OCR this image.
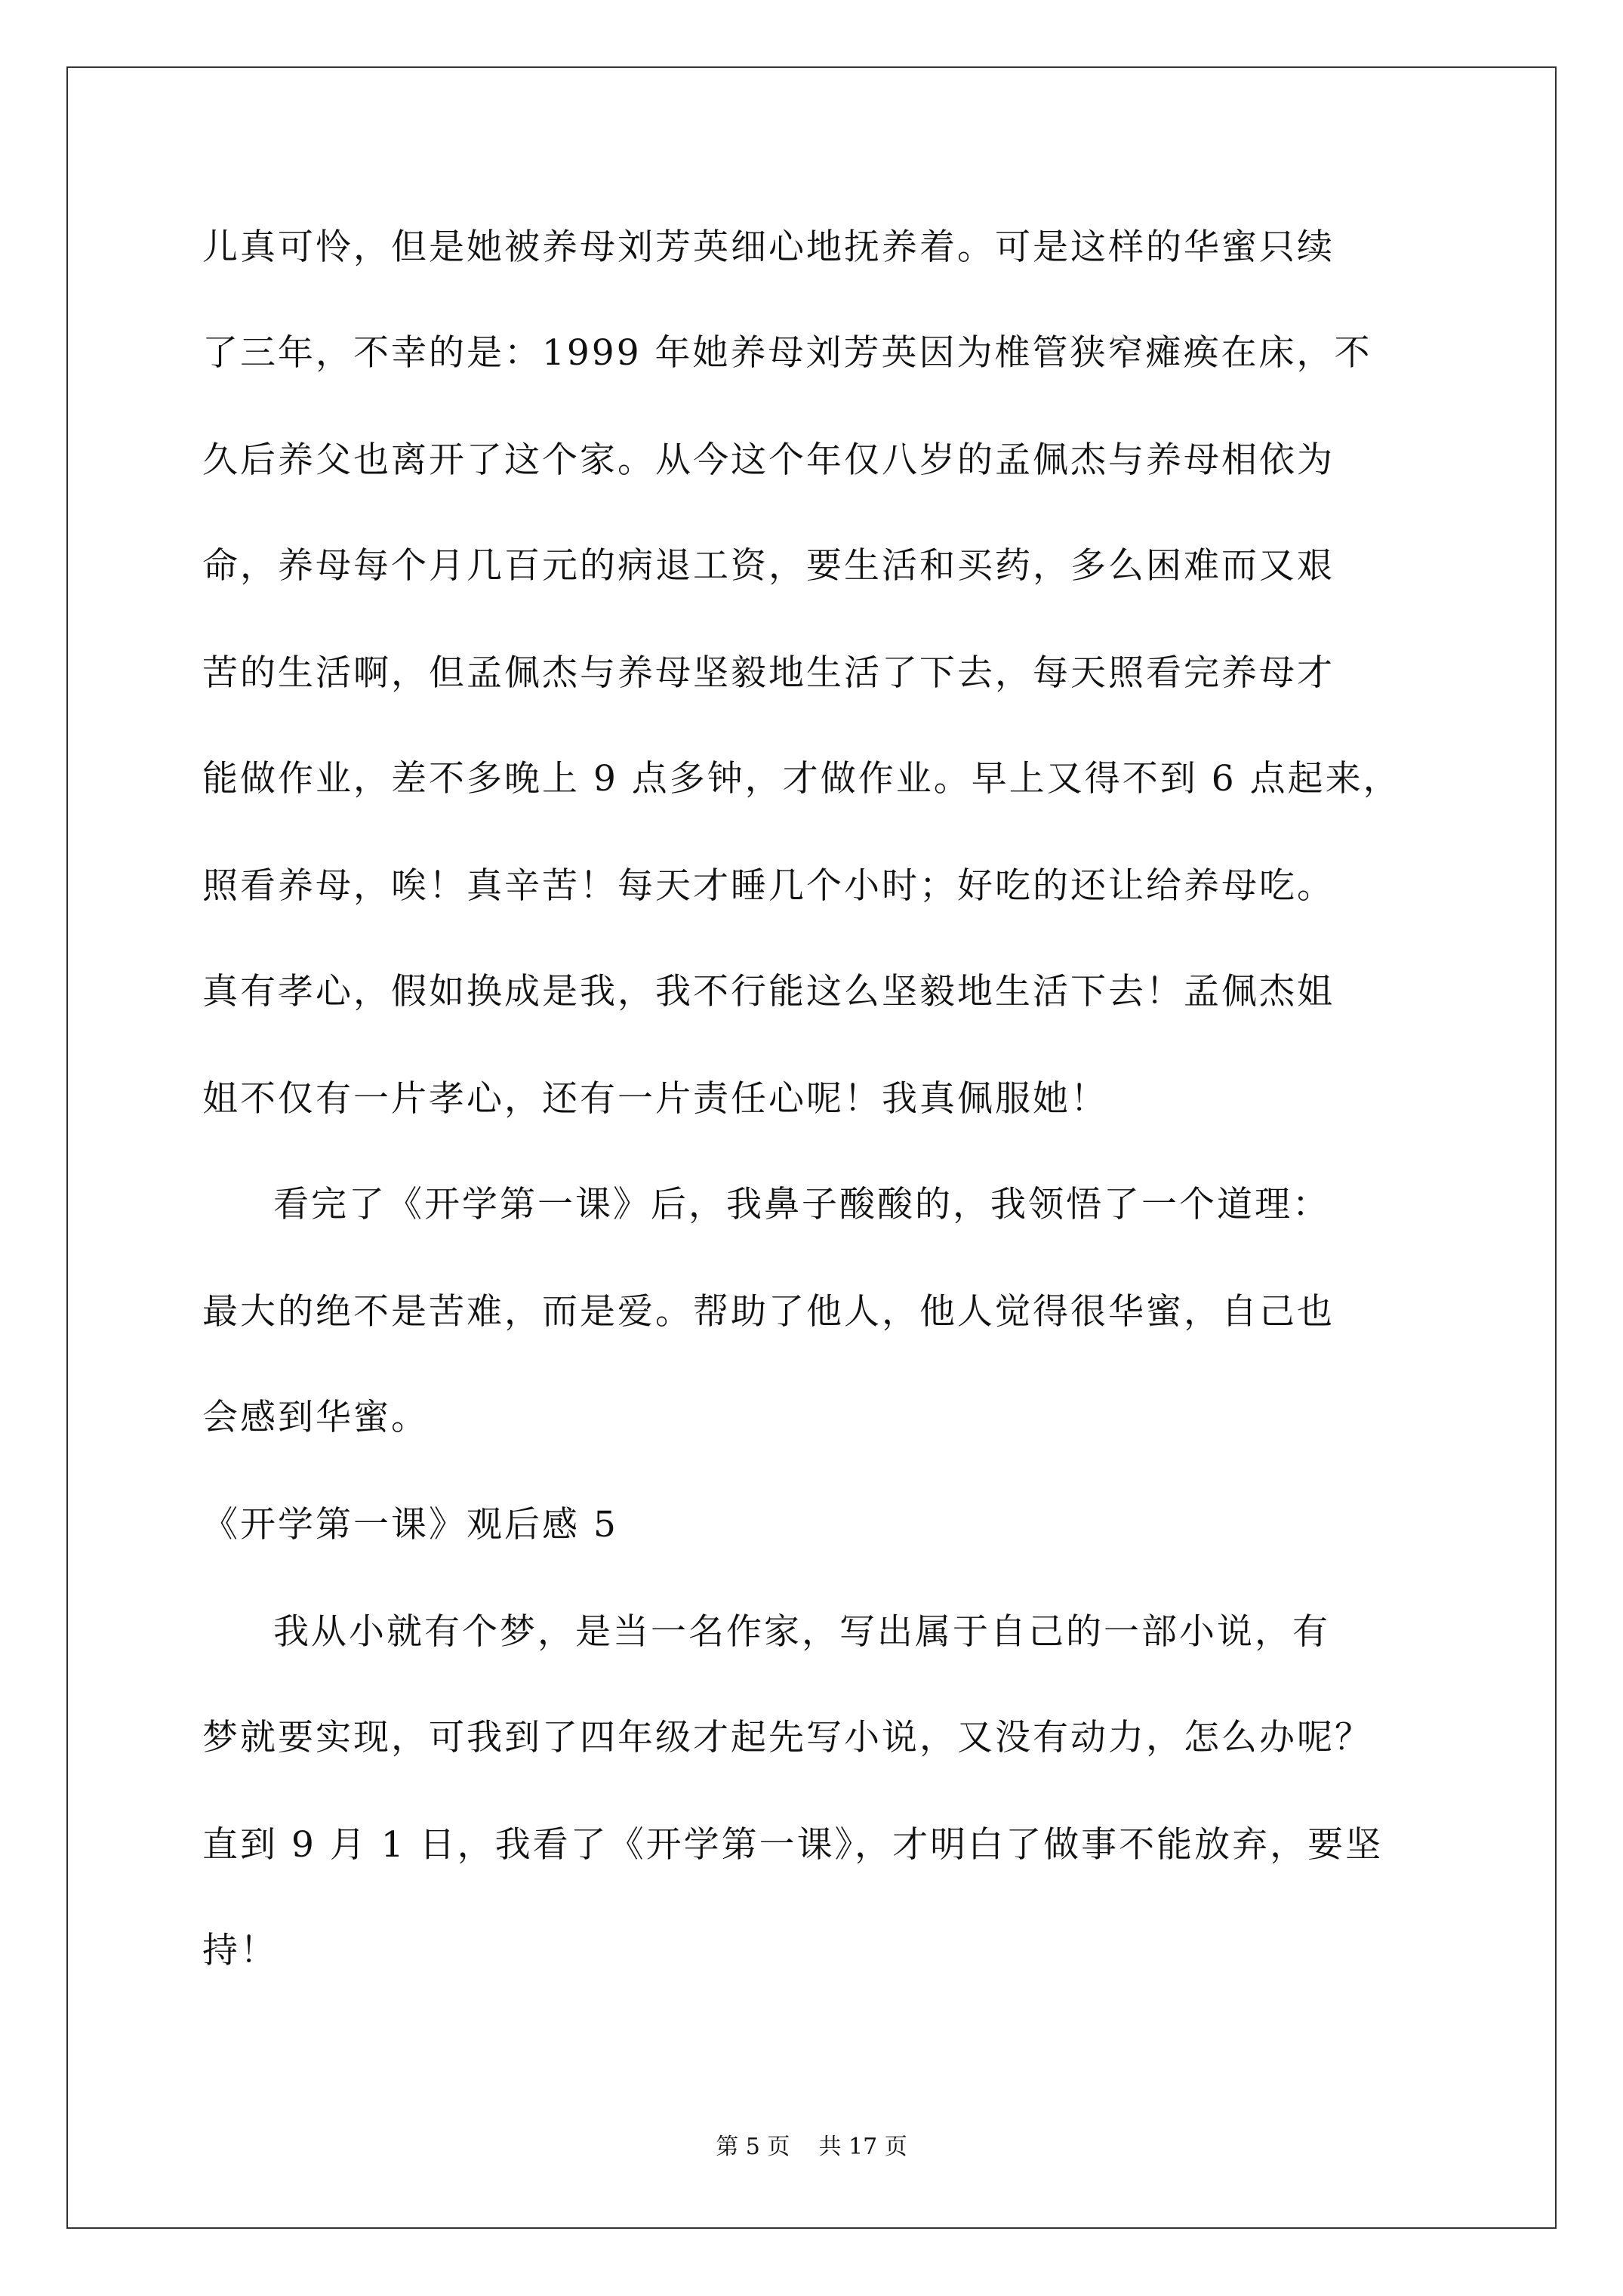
儿真可怜，但是她被养母刘芳英细心地抚养着。可是这样的华蜜只续

了三年，不幸的是：1999 年她养母刘芳英因为椎管狭窄瘫痪在床，不

久后养父也离开了这个家。从今这个年仅八岁的孟佩杰与养母相依为

命，养母每个月几百元的病退工资，要生活和买药，多么困难而又艰

苦的生活啊，但孟佩杰与养母坚毅地生活了下去，每天照看完养母才

能做作业，差不多晚上 9 点多钟，才做作业。早上又得不到 6 点起来，

照看养母，唉！真辛苦！每天才睡几个小时；好吃的还让给养母吃。

真有孝心，假如换成是我，我不行能这么坚毅地生活下去！孟佩杰姐

姐不仅有一片孝心，还有一片责任心呢！我真佩服她！

看完了《开学第一课》后，我鼻子酸酸的，我领悟了一个道理：

最大的绝不是苦难，而是爱。帮助了他人，他人觉得很华蜜，自己也

会感到华蜜。

《开学第一课》观后感 5

我从小就有个梦，是当一名作家，写出属于自己的一部小说，有

梦就要实现，可我到了四年级才起先写小说，又没有动力，怎么办呢？

直到 9 月 1 日，我看了《开学第一课》，才明白了做事不能放弃，要坚

持！

第 5 页    共 17 页
